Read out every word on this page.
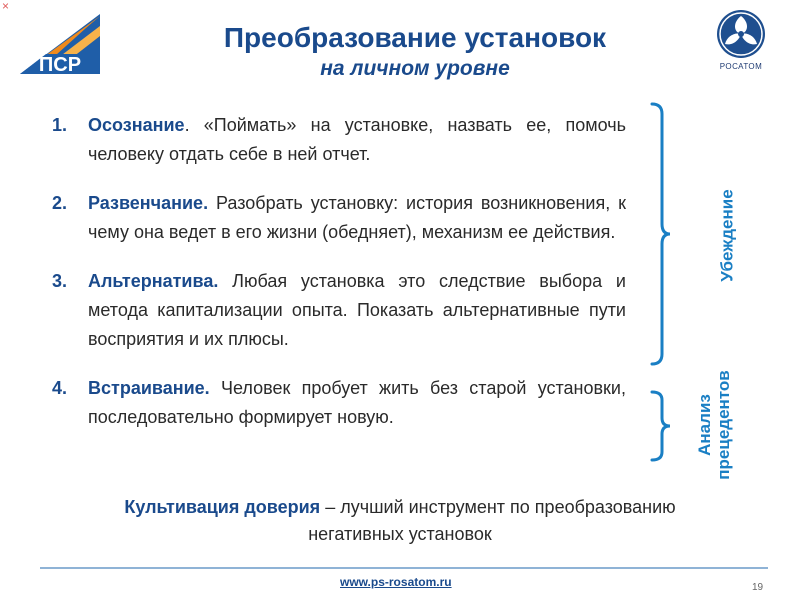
×
ПСР
Преобразование установок
на личном уровне	РОСАТОМ
1. Осознание. «Поймать» на установке, назвать ее, помочь человеку отдать себе в ней отчет.
2. Развенчание. Разобрать установку: история возникновения, к чему она ведет в его жизни (обедняет), механизм ее действия.
3. Альтернатива. Любая установка это следствие выбора и метода капитализации опыта. Показать альтернативные пути восприятия и их плюсы.
4. Встраивание. Человек пробует жить без старой установки, последовательно формирует новую.
Убеждение
Анализ прецедентов
Культивация доверия – лучший инструмент по преобразованию негативных установок
www.ps-rosatom.ru	19
